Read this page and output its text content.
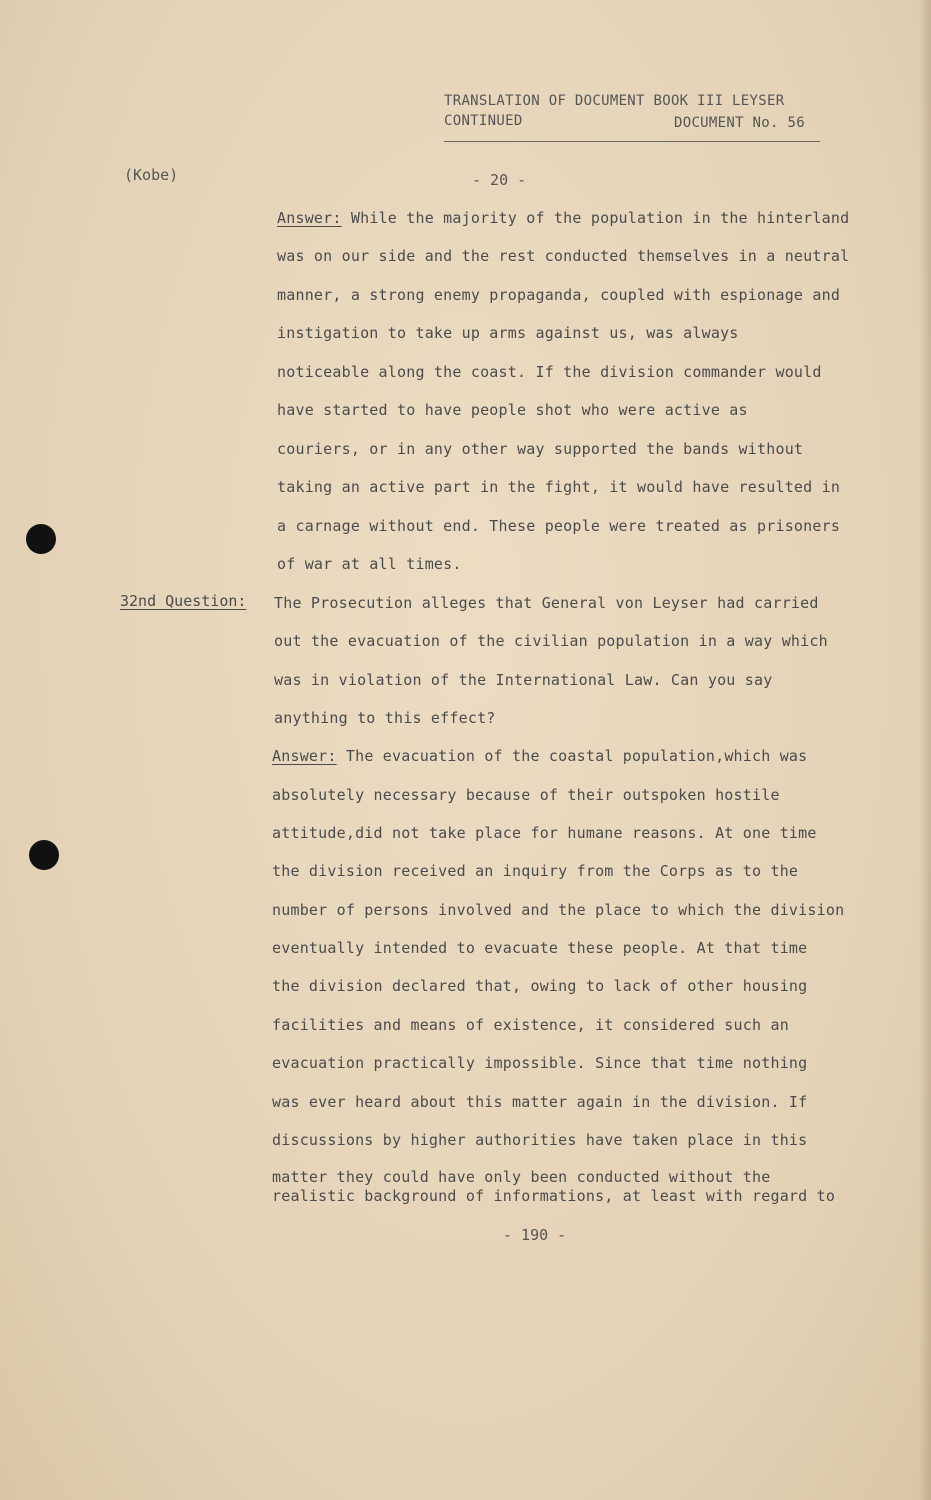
TRANSLATION OF DOCUMENT BOOK III LEYSER
CONTINUED	DOCUMENT No. 56
(Kobe)	- 20 -
Answer: While the majority of the population in the hinterland
was on our side and the rest conducted themselves in a neutral
manner, a strong enemy propaganda, coupled with espionage and
instigation to take up arms against us, was always
noticeable along the coast. If the division commander would
have started to have people shot who were active as
couriers, or in any other way supported the bands without
taking an active part in the fight, it would have resulted in
a carnage without end. These people were treated as prisoners
of war at all times.
32nd Question: The Prosecution alleges that General von Leyser had carried
out the evacuation of the civilian population in a way which
was in violation of the International Law. Can you say
anything to this effect?
Answer: The evacuation of the coastal population,which was
absolutely necessary because of their outspoken hostile
attitude,did not take place for humane reasons. At one time
the division received an inquiry from the Corps as to the
number of persons involved and the place to which the division
eventually intended to evacuate these people. At that time
the division declared that, owing to lack of other housing
facilities and means of existence, it considered such an
evacuation practically impossible. Since that time nothing
was ever heard about this matter again in the division. If
discussions by higher authorities have taken place in this
matter they could have only been conducted without the
realistic background of informations, at least with regard to
- 190 -
